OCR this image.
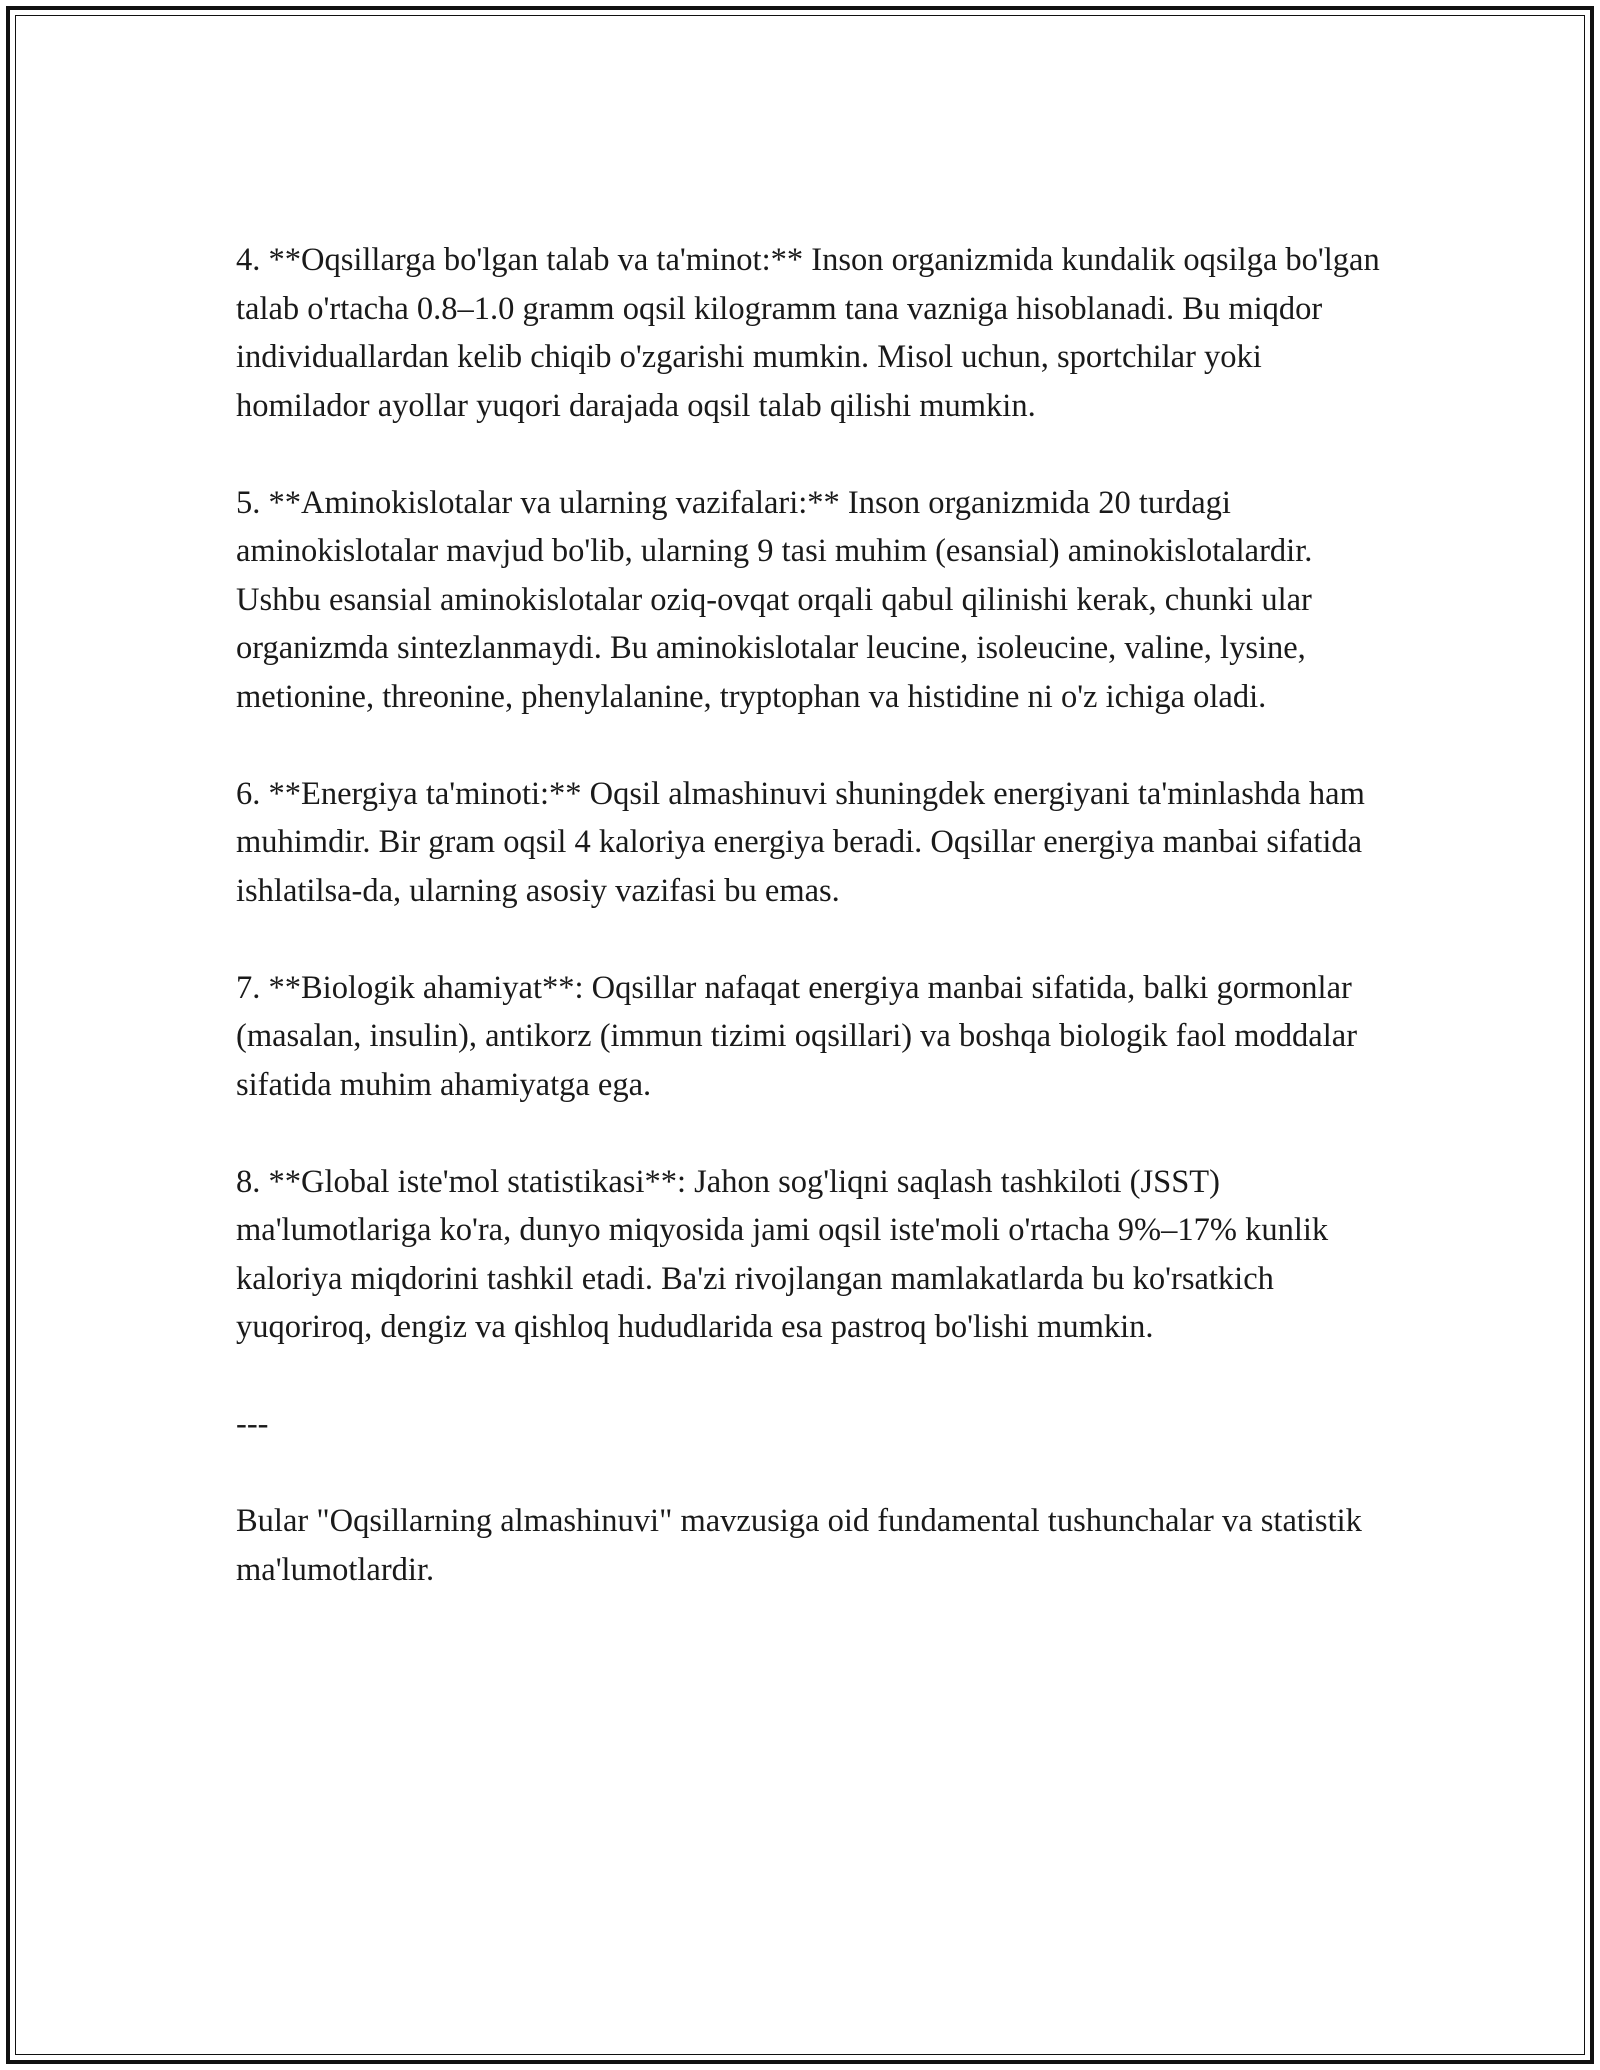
4. **Oqsillarga bo'lgan talab va ta'minot:** Inson organizmida kundalik oqsilga bo'lgan talab o'rtacha 0.8–1.0 gramm oqsil kilogramm tana vazniga hisoblanadi. Bu miqdor individuallardan kelib chiqib o'zgarishi mumkin. Misol uchun, sportchilar yoki homilador ayollar yuqori darajada oqsil talab qilishi mumkin.

5. **Aminokislotalar va ularning vazifalari:** Inson organizmida 20 turdagi aminokislotalar mavjud bo'lib, ularning 9 tasi muhim (esansial) aminokislotalardir. Ushbu esansial aminokislotalar oziq-ovqat orqali qabul qilinishi kerak, chunki ular organizmda sintezlanmaydi. Bu aminokislotalar leucine, isoleucine, valine, lysine, metionine, threonine, phenylalanine, tryptophan va histidine ni o'z ichiga oladi.

6. **Energiya ta'minoti:** Oqsil almashinuvi shuningdek energiyani ta'minlashda ham muhimdir. Bir gram oqsil 4 kaloriya energiya beradi. Oqsillar energiya manbai sifatida ishlatilsa-da, ularning asosiy vazifasi bu emas.

7. **Biologik ahamiyat**: Oqsillar nafaqat energiya manbai sifatida, balki gormonlar (masalan, insulin), antikorz (immun tizimi oqsillari) va boshqa biologik faol moddalar sifatida muhim ahamiyatga ega.

8. **Global iste'mol statistikasi**: Jahon sog'liqni saqlash tashkiloti (JSST) ma'lumotlariga ko'ra, dunyo miqyosida jami oqsil iste'moli o'rtacha 9%–17% kunlik kaloriya miqdorini tashkil etadi. Ba'zi rivojlangan mamlakatlarda bu ko'rsatkich yuqoriroq, dengiz va qishloq hududlarida esa pastroq bo'lishi mumkin.

---

Bular "Oqsillarning almashinuvi" mavzusiga oid fundamental tushunchalar va statistik ma'lumotlardir.
